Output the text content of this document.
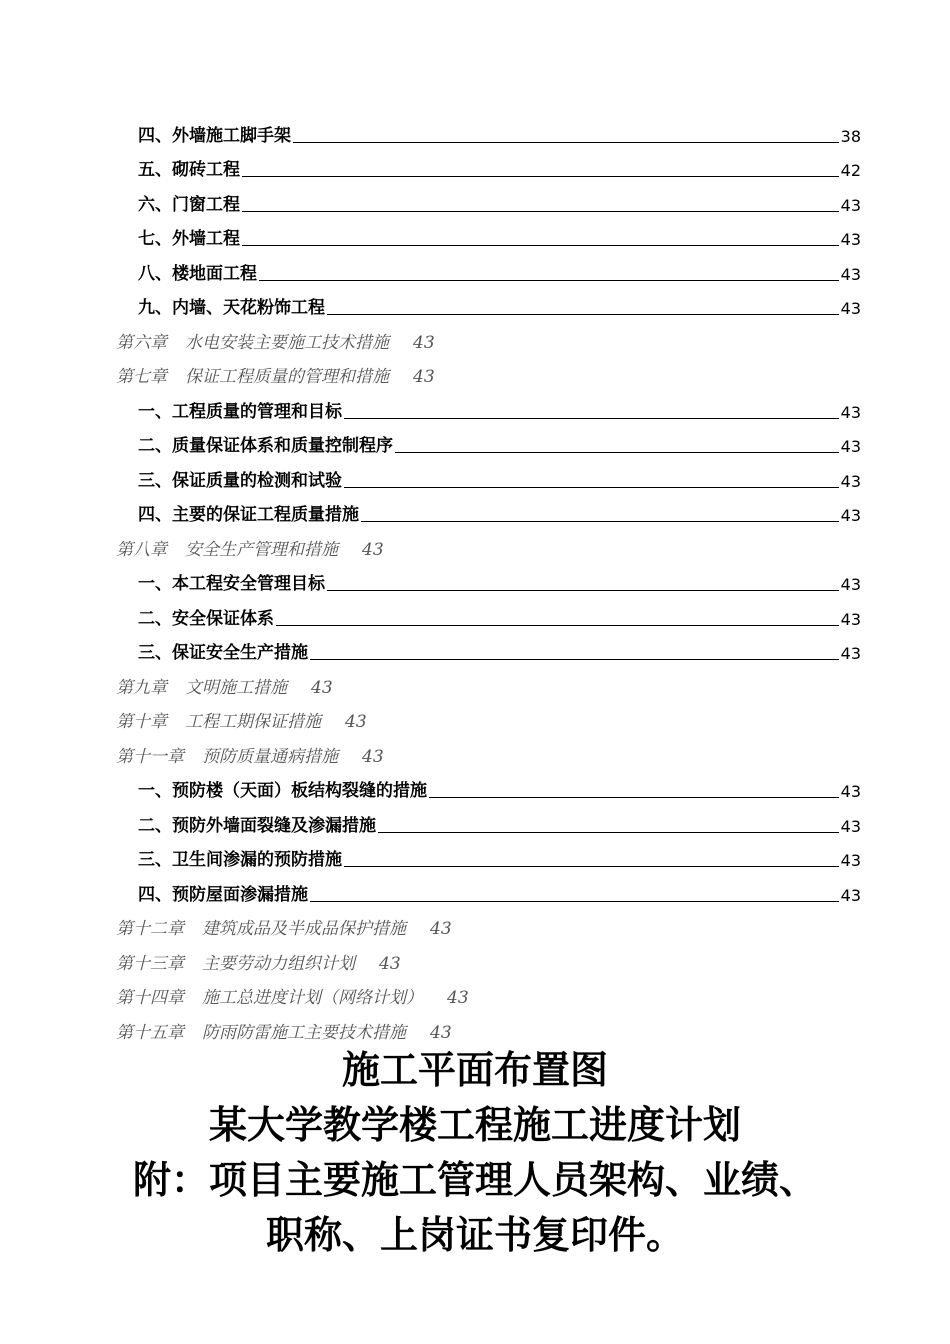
四、外墙施工脚手架	38
五、砌砖工程	42
六、门窗工程	43
七、外墙工程	43
八、楼地面工程	43
九、内墙、天花粉饰工程	43
第六章 水电安装主要施工技术措施 43
第七章 保证工程质量的管理和措施 43
一、工程质量的管理和目标	43
二、质量保证体系和质量控制程序	43
三、保证质量的检测和试验	43
四、主要的保证工程质量措施	43
第八章 安全生产管理和措施 43
一、本工程安全管理目标	43
二、安全保证体系	43
三、保证安全生产措施	43
第九章 文明施工措施 43
第十章 工程工期保证措施 43
第十一章 预防质量通病措施 43
一、预防楼（天面）板结构裂缝的措施	43
二、预防外墙面裂缝及渗漏措施	43
三、卫生间渗漏的预防措施	43
四、预防屋面渗漏措施	43
第十二章 建筑成品及半成品保护措施 43
第十三章 主要劳动力组织计划 43
第十四章 施工总进度计划（网络计划） 43
第十五章 防雨防雷施工主要技术措施 43
施工平面布置图
某大学教学楼工程施工进度计划
附：项目主要施工管理人员架构、业绩、
职称、上岗证书复印件。
